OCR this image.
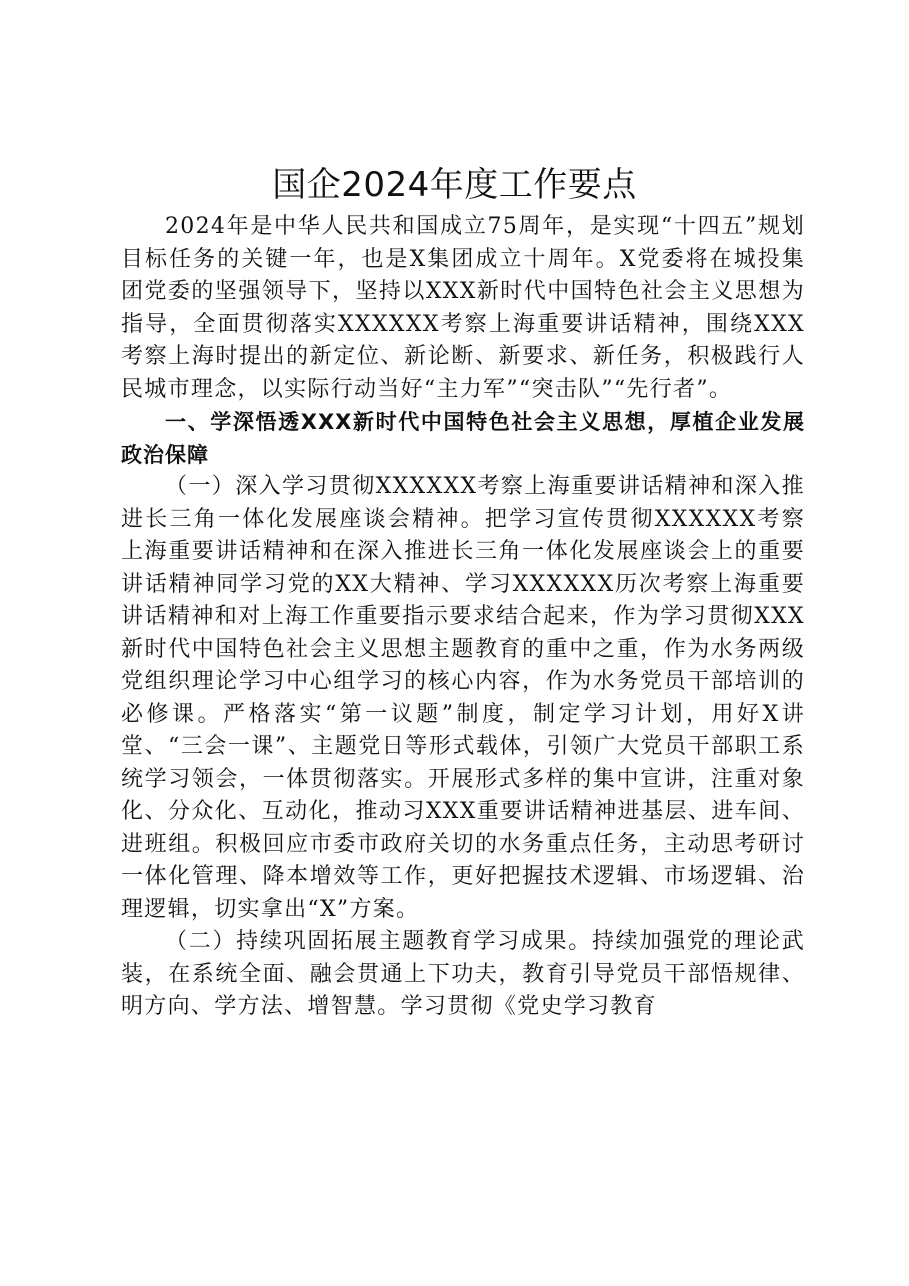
国企2024年度工作要点

2024年是中华人民共和国成立75周年，是实现“十四五”规划目标任务的关键一年，也是X集团成立十周年。X党委将在城投集团党委的坚强领导下，坚持以XXX新时代中国特色社会主义思想为指导，全面贯彻落实XXXXXX考察上海重要讲话精神，围绕XXX考察上海时提出的新定位、新论断、新要求、新任务，积极践行人民城市理念，以实际行动当好“主力军”“突击队”“先行者”。

一、学深悟透XXX新时代中国特色社会主义思想，厚植企业发展政治保障

（一）深入学习贯彻XXXXXX考察上海重要讲话精神和深入推进长三角一体化发展座谈会精神。把学习宣传贯彻XXXXXX考察上海重要讲话精神和在深入推进长三角一体化发展座谈会上的重要讲话精神同学习党的XX大精神、学习XXXXXX历次考察上海重要讲话精神和对上海工作重要指示要求结合起来，作为学习贯彻XXX新时代中国特色社会主义思想主题教育的重中之重，作为水务两级党组织理论学习中心组学习的核心内容，作为水务党员干部培训的必修课。严格落实“第一议题”制度，制定学习计划，用好X讲堂、“三会一课”、主题党日等形式载体，引领广大党员干部职工系统学习领会，一体贯彻落实。开展形式多样的集中宣讲，注重对象化、分众化、互动化，推动习XXX重要讲话精神进基层、进车间、进班组。积极回应市委市政府关切的水务重点任务，主动思考研讨一体化管理、降本增效等工作，更好把握技术逻辑、市场逻辑、治理逻辑，切实拿出“X”方案。

（二）持续巩固拓展主题教育学习成果。持续加强党的理论武装，在系统全面、融会贯通上下功夫，教育引导党员干部悟规律、明方向、学方法、增智慧。学习贯彻《党史学习教育
